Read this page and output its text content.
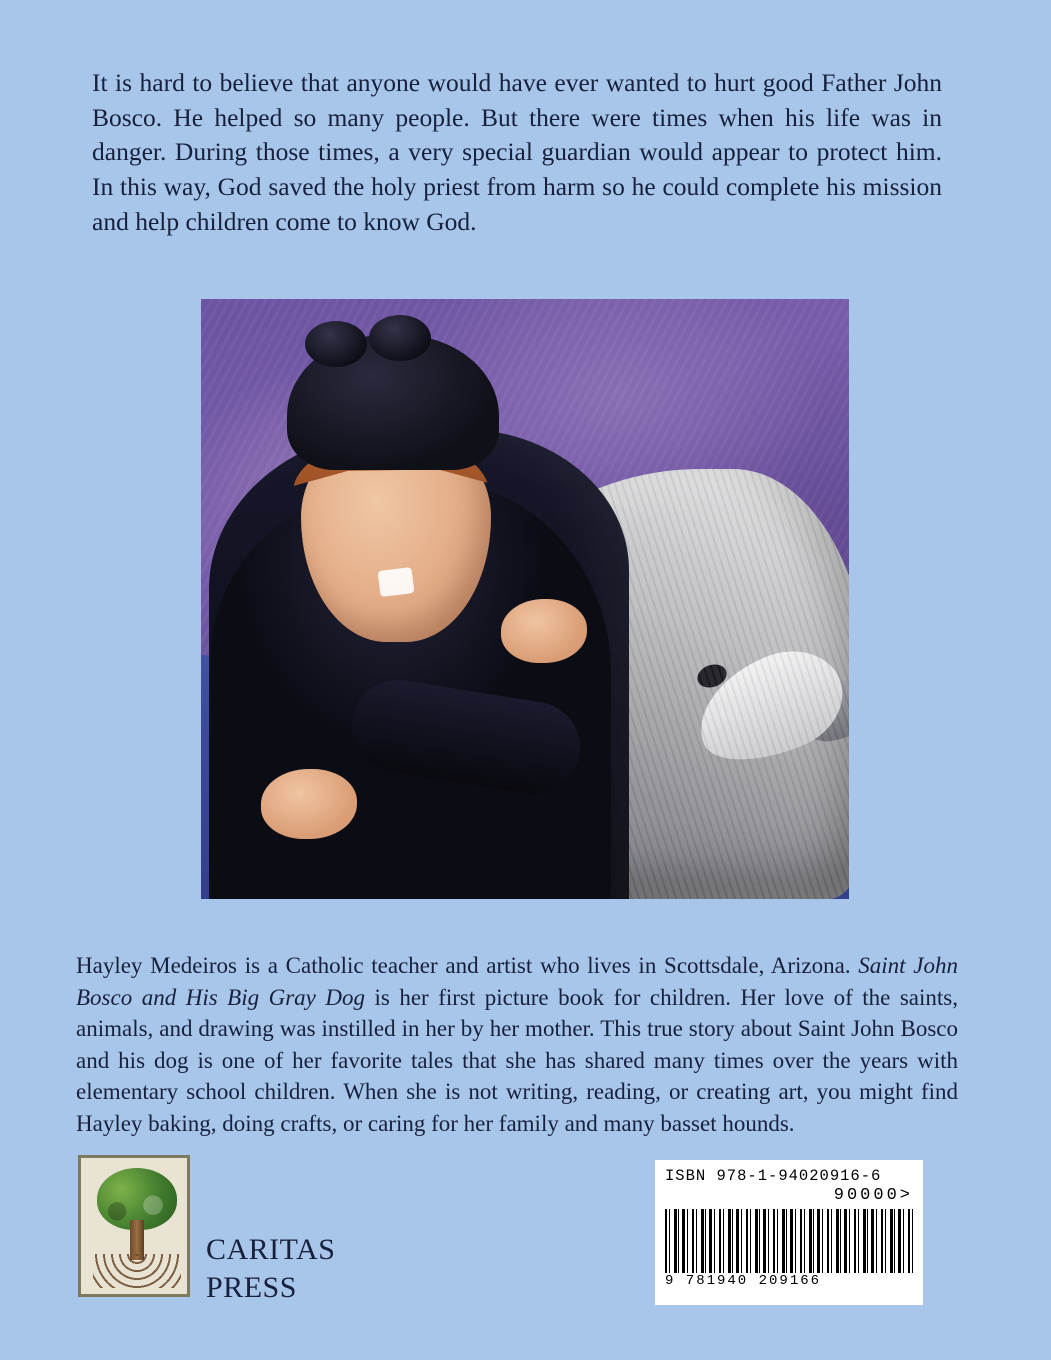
It is hard to believe that anyone would have ever wanted to hurt good Father John Bosco. He helped so many people. But there were times when his life was in danger. During those times, a very special guardian would appear to protect him. In this way, God saved the holy priest from harm so he could complete his mission and help children come to know God.
Hayley Medeiros is a Catholic teacher and artist who lives in Scottsdale, Arizona. Saint John Bosco and His Big Gray Dog is her first picture book for children. Her love of the saints, animals, and drawing was instilled in her by her mother. This true story about Saint John Bosco and his dog is one of her favorite tales that she has shared many times over the years with elementary school children. When she is not writing, reading, or creating art, you might find Hayley baking, doing crafts, or caring for her family and many basset hounds.
CARITAS
PRESS
ISBN 978-1-94020916-6
90000>
9 781940 209166
